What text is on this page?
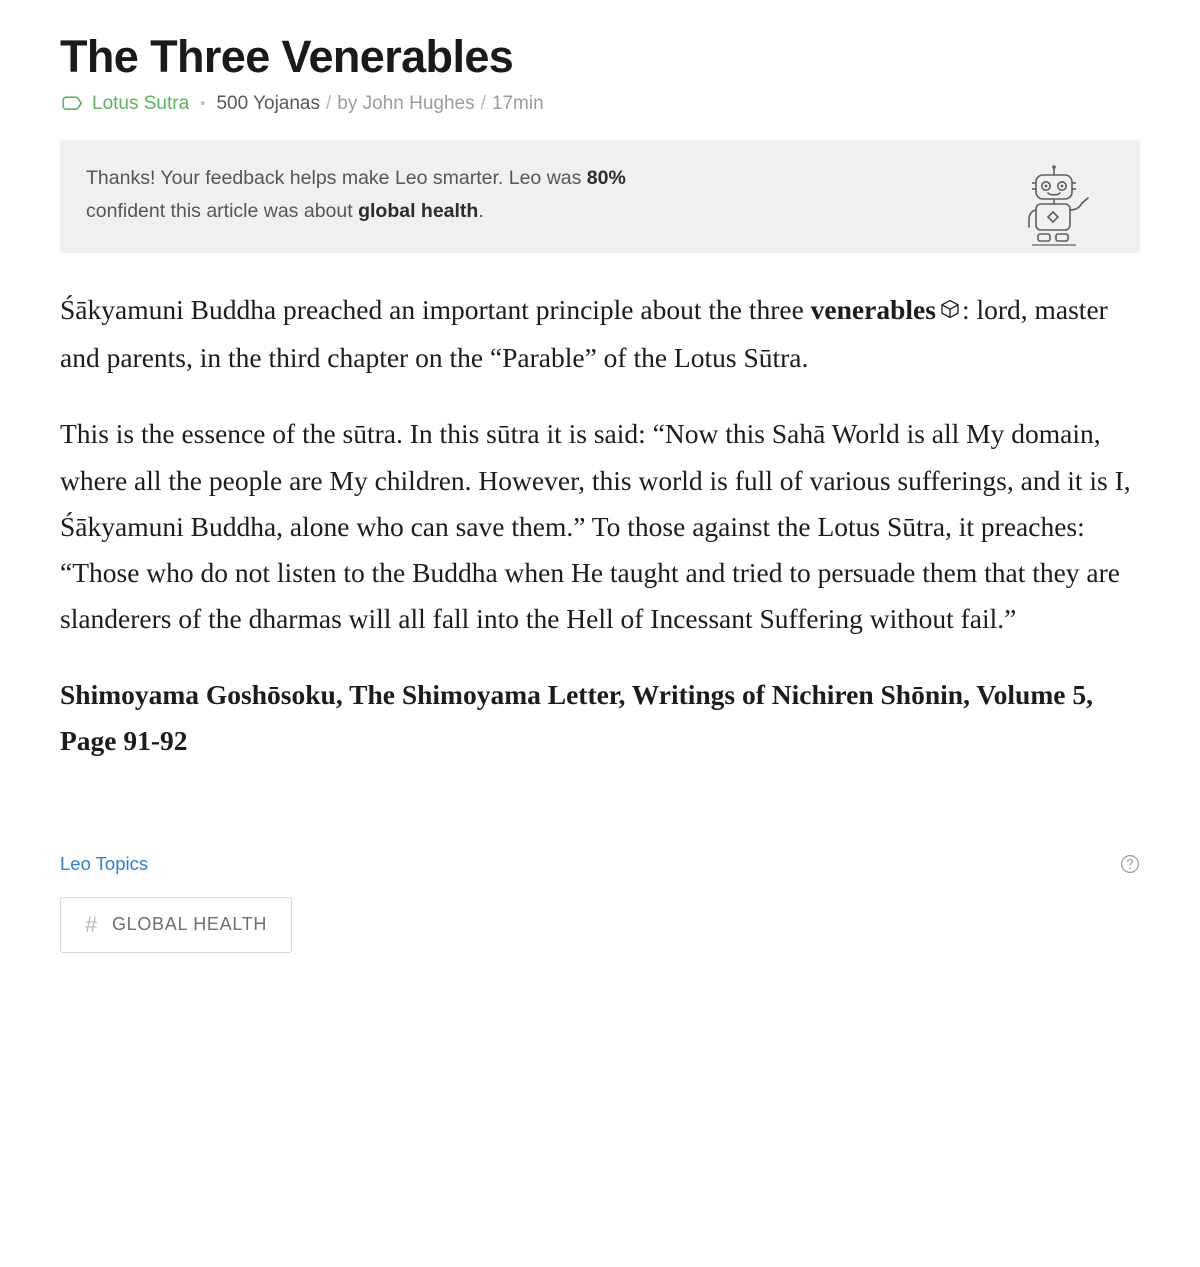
The Three Venerables
Lotus Sutra • 500 Yojanas / by John Hughes / 17min
Thanks! Your feedback helps make Leo smarter. Leo was 80% confident this article was about global health.

Śākyamuni Buddha preached an important principle about the three venerables : lord, master and parents, in the third chapter on the “Parable” of the Lotus Sūtra.

This is the essence of the sūtra. In this sūtra it is said: “Now this Sahā World is all My domain, where all the people are My children. However, this world is full of various sufferings, and it is I, Śākyamuni Buddha, alone who can save them.” To those against the Lotus Sūtra, it preaches: “Those who do not listen to the Buddha when He taught and tried to persuade them that they are slanderers of the dharmas will all fall into the Hell of Incessant Suffering without fail.”

Shimoyama Goshōsoku, The Shimoyama Letter, Writings of Nichiren Shōnin, Volume 5, Page 91-92

Leo Topics
# GLOBAL HEALTH
